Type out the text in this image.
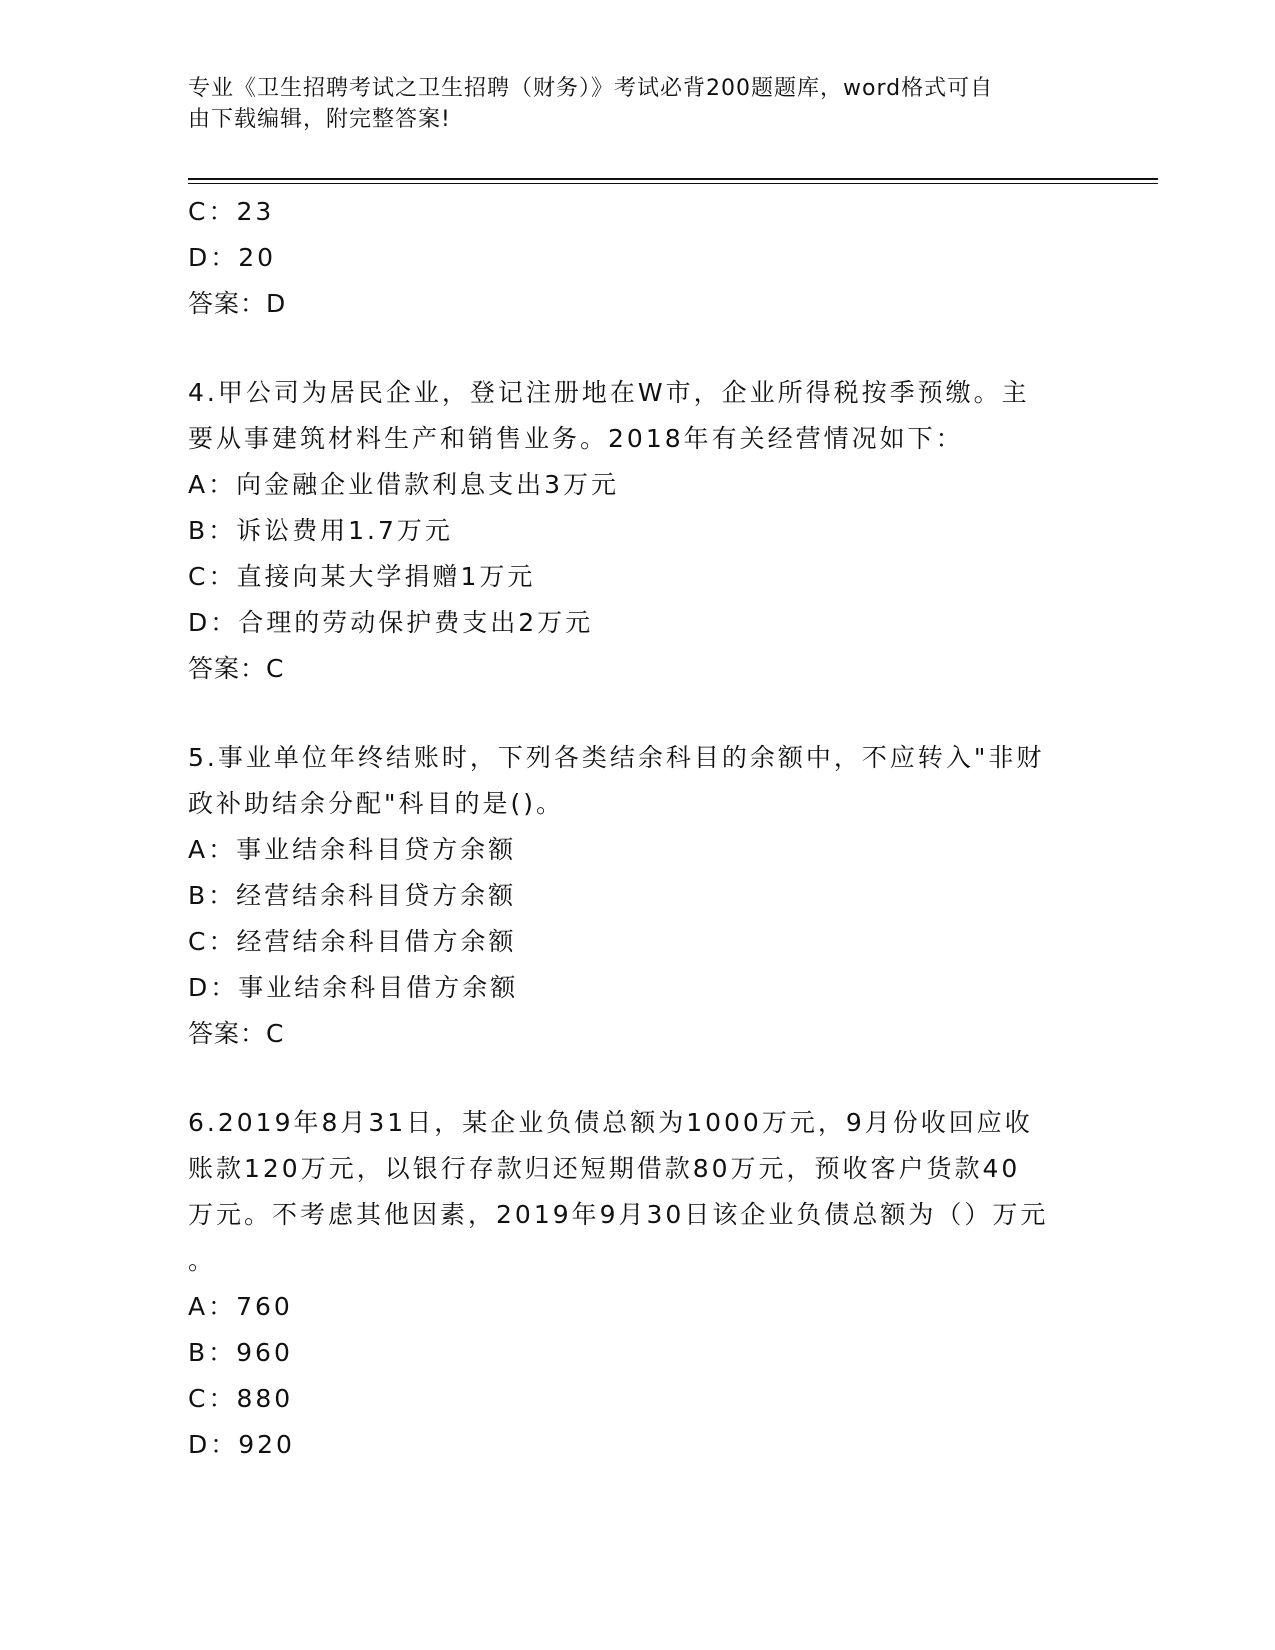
专业《卫生招聘考试之卫生招聘（财务）》考试必背200题题库，word格式可自
由下载编辑，附完整答案!
C：23
D：20
答案：D
4.甲公司为居民企业，登记注册地在W市，企业所得税按季预缴。主
要从事建筑材料生产和销售业务。2018年有关经营情况如下：
A：向金融企业借款利息支出3万元
B：诉讼费用1.7万元
C：直接向某大学捐赠1万元
D：合理的劳动保护费支出2万元
答案：C
5.事业单位年终结账时，下列各类结余科目的余额中，不应转入"非财
政补助结余分配"科目的是()。
A：事业结余科目贷方余额
B：经营结余科目贷方余额
C：经营结余科目借方余额
D：事业结余科目借方余额
答案：C
6.2019年8月31日，某企业负债总额为1000万元，9月份收回应收
账款120万元，以银行存款归还短期借款80万元，预收客户货款40
万元。不考虑其他因素，2019年9月30日该企业负债总额为（）万元
。
A：760
B：960
C：880
D：920
